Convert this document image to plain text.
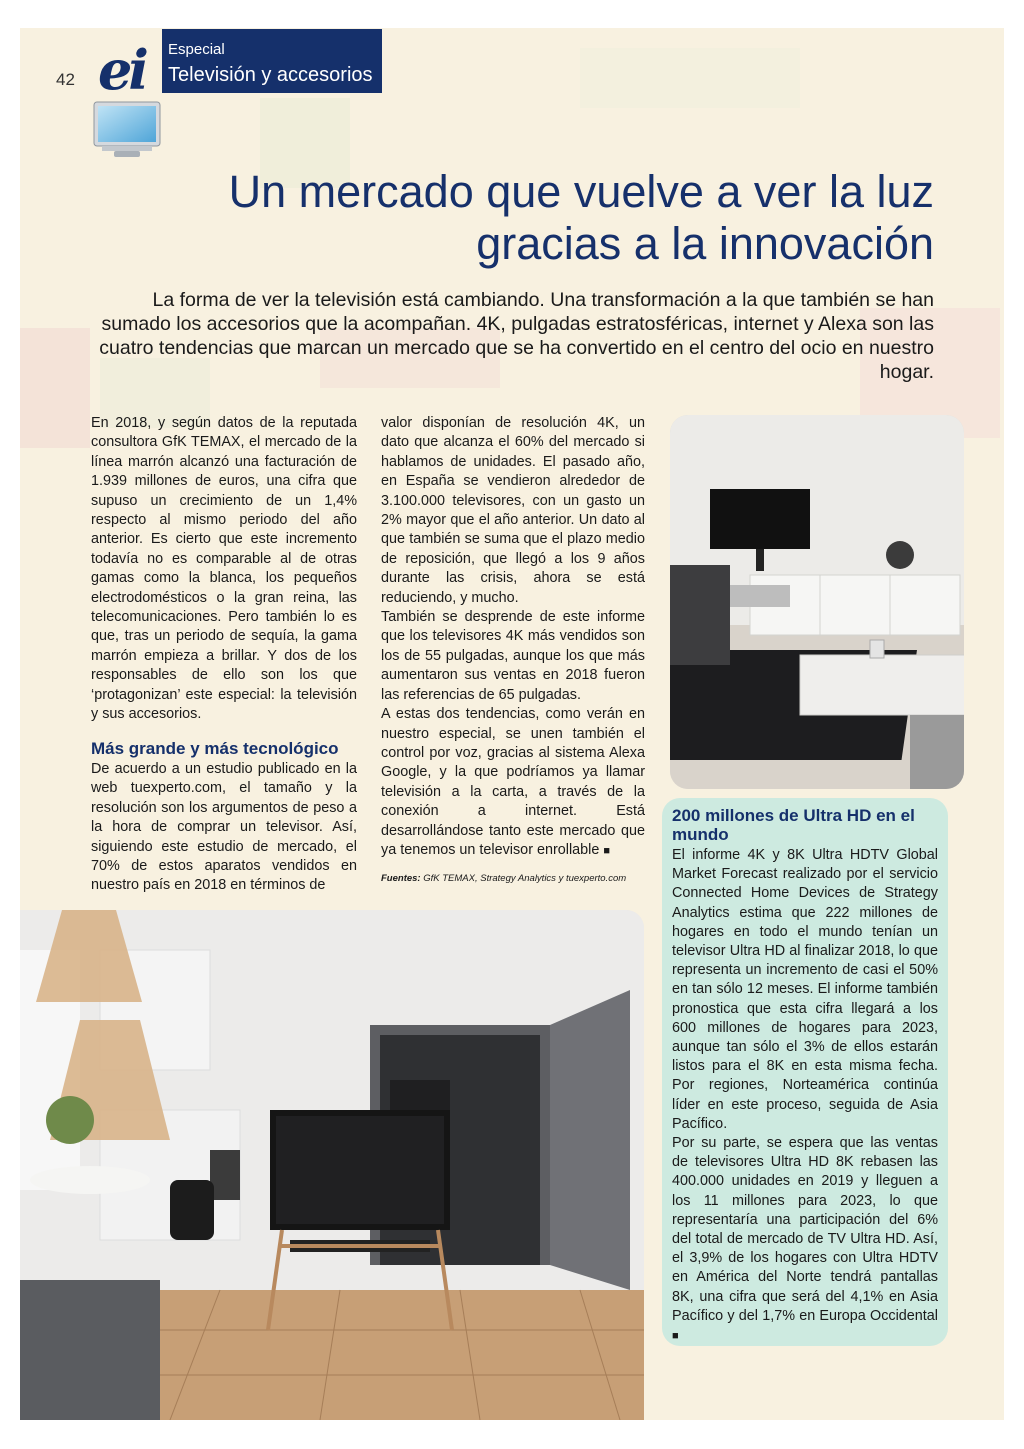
42 ei Especial
Televisión y accesorios
Un mercado que vuelve a ver la luz
gracias a la innovación

La forma de ver la televisión está cambiando. Una transformación a la que también se han sumado los accesorios que la acompañan. 4K, pulgadas estratosféricas, internet y Alexa son las cuatro tendencias que marcan un mercado que se ha convertido en el centro del ocio en nuestro hogar.

En 2018, y según datos de la reputada consultora GfK TEMAX, el mercado de la línea marrón alcanzó una facturación de 1.939 millones de euros, una cifra que supuso un crecimiento de un 1,4% respecto al mismo periodo del año anterior. Es cierto que este incremento todavía no es comparable al de otras gamas como la blanca, los pequeños electrodomésticos o la gran reina, las telecomunicaciones. Pero también lo es que, tras un periodo de sequía, la gama marrón empieza a brillar. Y dos de los responsables de ello son los que ‘protagonizan’ este especial: la televisión y sus accesorios.

Más grande y más tecnológico

De acuerdo a un estudio publicado en la web tuexperto.com, el tamaño y la resolución son los argumentos de peso a la hora de comprar un televisor. Así, siguiendo este estudio de mercado, el 70% de estos aparatos vendidos en nuestro país en 2018 en términos de

valor disponían de resolución 4K, un dato que alcanza el 60% del mercado si hablamos de unidades. El pasado año, en España se vendieron alrededor de 3.100.000 televisores, con un gasto un 2% mayor que el año anterior. Un dato al que también se suma que el plazo medio de reposición, que llegó a los 9 años durante las crisis, ahora se está reduciendo, y mucho.

También se desprende de este informe que los televisores 4K más vendidos son los de 55 pulgadas, aunque los que más aumentaron sus ventas en 2018 fueron las referencias de 65 pulgadas.

A estas dos tendencias, como verán en nuestro especial, se unen también el control por voz, gracias al sistema Alexa Google, y la que podríamos ya llamar televisión a la carta, a través de la conexión a internet. Está desarrollándose tanto este mercado que ya tenemos un televisor enrollable ■

Fuentes: GfK TEMAX, Strategy Analytics y tuexperto.com

200 millones de Ultra HD en el mundo

El informe 4K y 8K Ultra HDTV Global Market Forecast realizado por el servicio Connected Home Devices de Strategy Analytics estima que 222 millones de hogares en todo el mundo tenían un televisor Ultra HD al finalizar 2018, lo que representa un incremento de casi el 50% en tan sólo 12 meses. El informe también pronostica que esta cifra llegará a los 600 millones de hogares para 2023, aunque tan sólo el 3% de ellos estarán listos para el 8K en esta misma fecha. Por regiones, Norteamérica continúa líder en este proceso, seguida de Asia Pacífico.

Por su parte, se espera que las ventas de televisores Ultra HD 8K rebasen las 400.000 unidades en 2019 y lleguen a los 11 millones para 2023, lo que representaría una participación del 6% del total de mercado de TV Ultra HD. Así, el 3,9% de los hogares con Ultra HDTV en América del Norte tendrá pantallas 8K, una cifra que será del 4,1% en Asia Pacífico y del 1,7% en Europa Occidental ■
